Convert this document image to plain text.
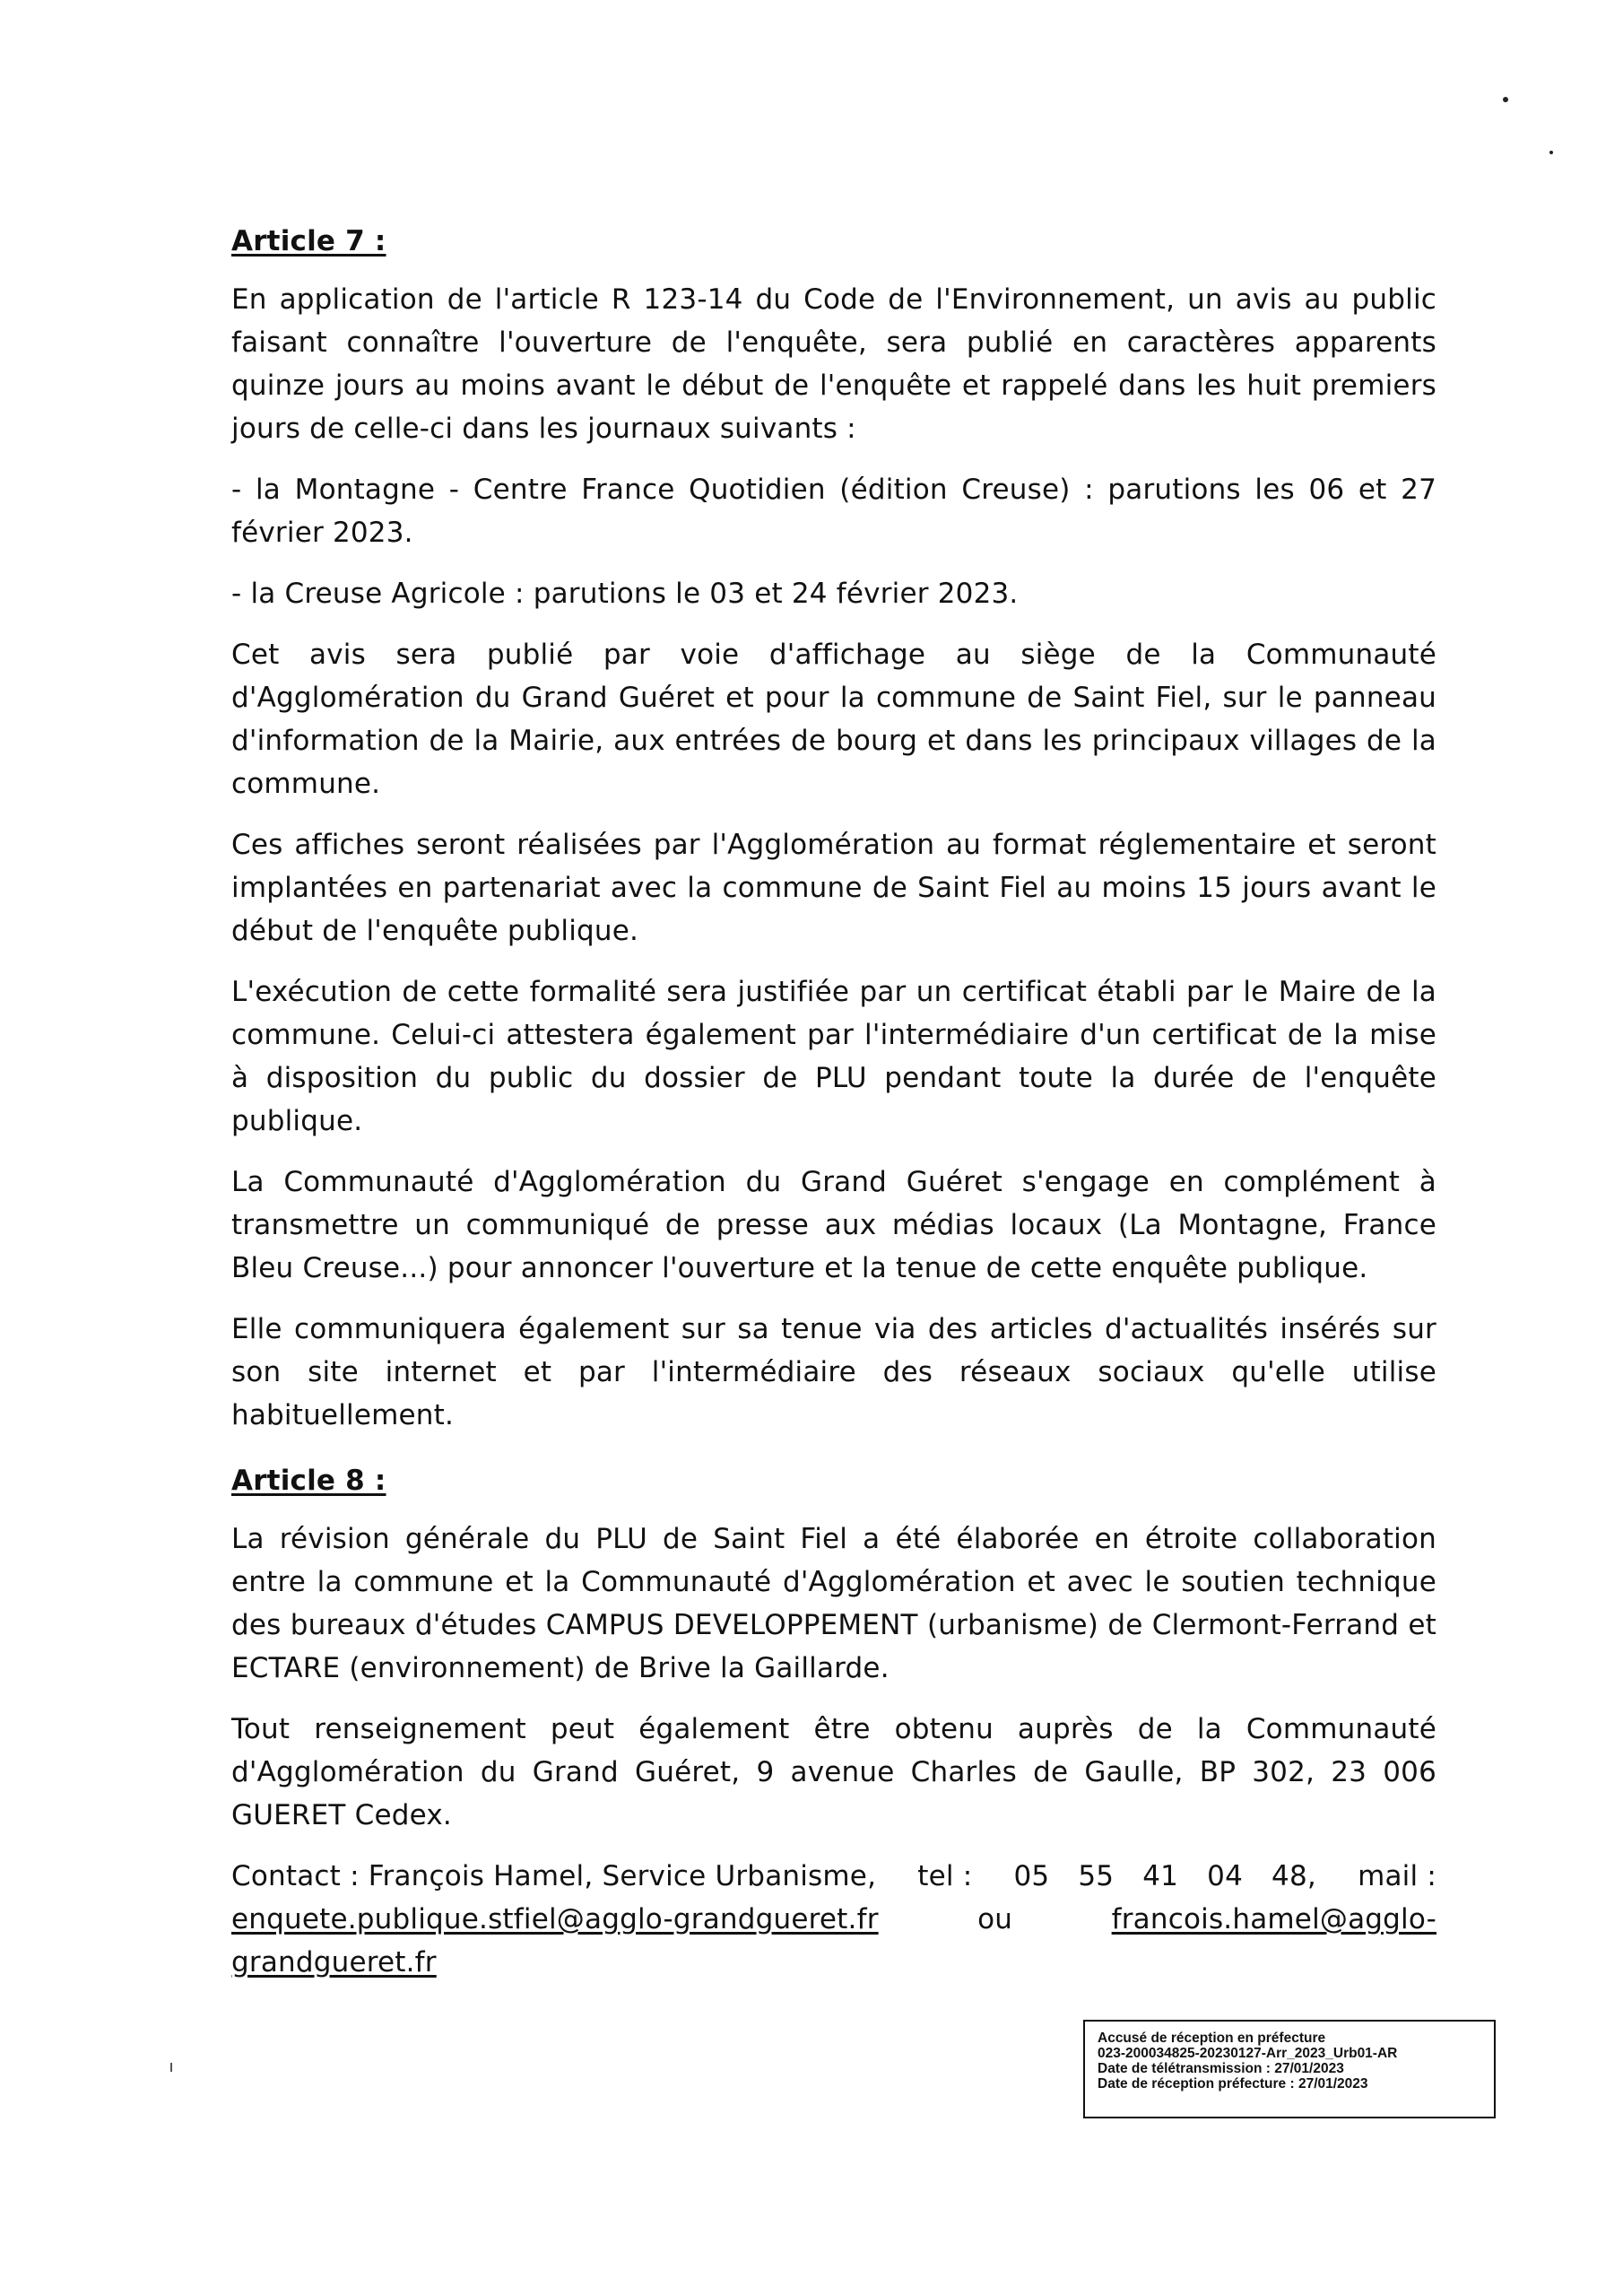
Article 7 :

En application de l'article R 123-14 du Code de l'Environnement, un avis au public faisant connaître l'ouverture de l'enquête, sera publié en caractères apparents quinze jours au moins avant le début de l'enquête et rappelé dans les huit premiers jours de celle-ci dans les journaux suivants :

- la Montagne - Centre France Quotidien (édition Creuse) : parutions les 06 et 27 février 2023.

- la Creuse Agricole : parutions le 03 et 24 février 2023.

Cet avis sera publié par voie d'affichage au siège de la Communauté d'Agglomération du Grand Guéret et pour la commune de Saint Fiel, sur le panneau d'information de la Mairie, aux entrées de bourg et dans les principaux villages de la commune.

Ces affiches seront réalisées par l'Agglomération au format réglementaire et seront implantées en partenariat avec la commune de Saint Fiel au moins 15 jours avant le début de l'enquête publique.

L'exécution de cette formalité sera justifiée par un certificat établi par le Maire de la commune. Celui-ci attestera également par l'intermédiaire d'un certificat de la mise à disposition du public du dossier de PLU pendant toute la durée de l'enquête publique.

La Communauté d'Agglomération du Grand Guéret s'engage en complément à transmettre un communiqué de presse aux médias locaux (La Montagne, France Bleu Creuse...) pour annoncer l'ouverture et la tenue de cette enquête publique.

Elle communiquera également sur sa tenue via des articles d'actualités insérés sur son site internet et par l'intermédiaire des réseaux sociaux qu'elle utilise habituellement.

Article 8 :

La révision générale du PLU de Saint Fiel a été élaborée en étroite collaboration entre la commune et la Communauté d'Agglomération et avec le soutien technique des bureaux d'études CAMPUS DEVELOPPEMENT (urbanisme) de Clermont-Ferrand et ECTARE (environnement) de Brive la Gaillarde.

Tout renseignement peut également être obtenu auprès de la Communauté d'Agglomération du Grand Guéret, 9 avenue Charles de Gaulle, BP 302, 23 006 GUERET Cedex.

Contact : François Hamel, Service Urbanisme, tel : 05 55 41 04 48, mail :
enquete.publique.stfiel@agglo-grandgueret.fr	ou	francois.hamel@agglo-
grandgueret.fr
Accusé de réception en préfecture
023-200034825-20230127-Arr_2023_Urb01-AR
Date de télétransmission : 27/01/2023
Date de réception préfecture : 27/01/2023
